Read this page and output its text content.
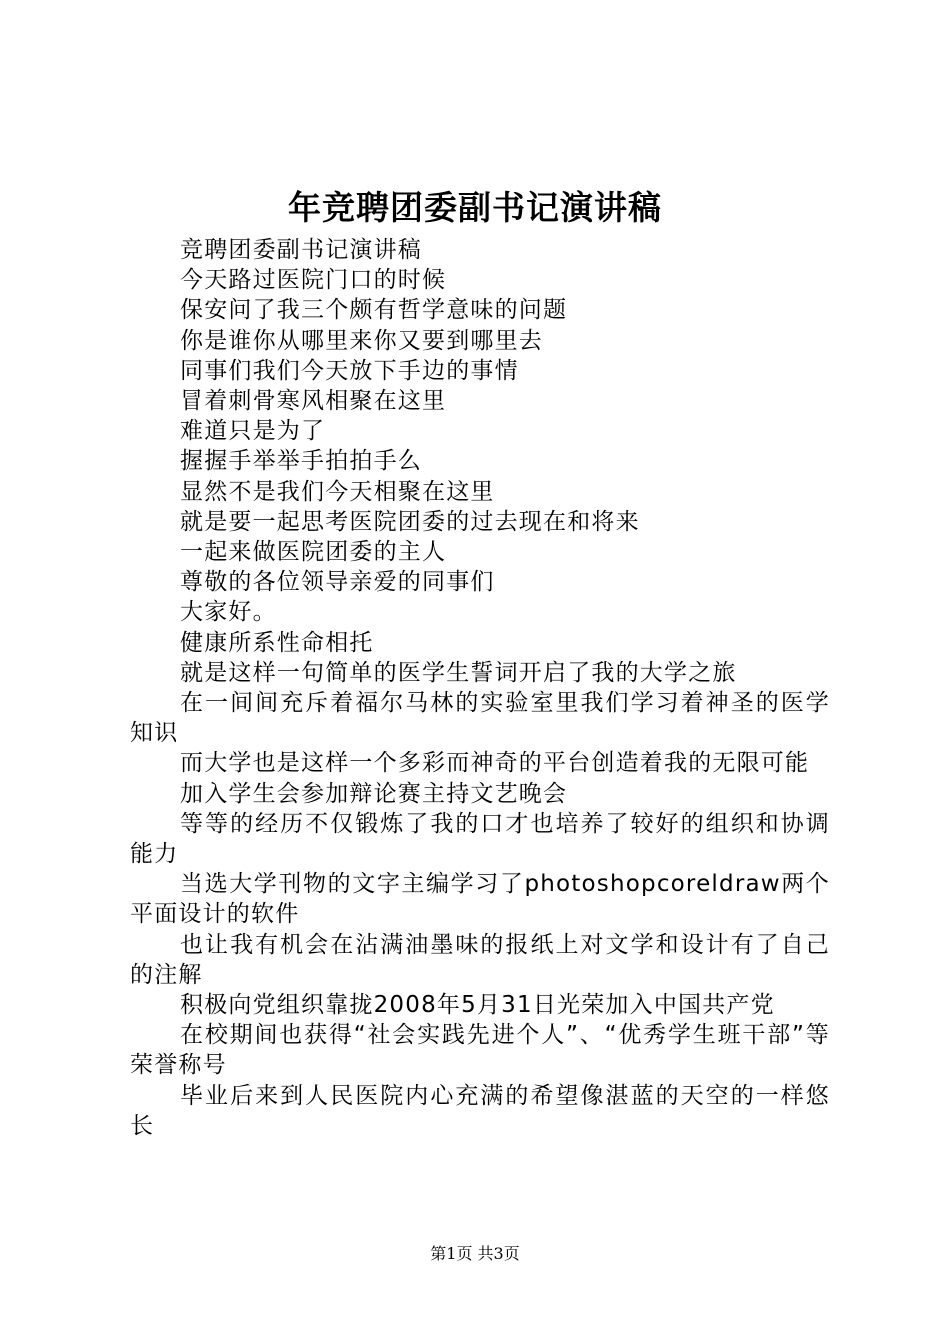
年竞聘团委副书记演讲稿

竞聘团委副书记演讲稿

今天路过医院门口的时候

保安问了我三个颇有哲学意味的问题

你是谁你从哪里来你又要到哪里去

同事们我们今天放下手边的事情

冒着刺骨寒风相聚在这里

难道只是为了

握握手举举手拍拍手么

显然不是我们今天相聚在这里

就是要一起思考医院团委的过去现在和将来

一起来做医院团委的主人

尊敬的各位领导亲爱的同事们

大家好。

健康所系性命相托

就是这样一句简单的医学生誓词开启了我的大学之旅

在一间间充斥着福尔马林的实验室里我们学习着神圣的医学知识

而大学也是这样一个多彩而神奇的平台创造着我的无限可能

加入学生会参加辩论赛主持文艺晚会

等等的经历不仅锻炼了我的口才也培养了较好的组织和协调能力

当选大学刊物的文字主编学习了photoshopcoreldraw两个平面设计的软件

也让我有机会在沾满油墨味的报纸上对文学和设计有了自己的注解

积极向党组织靠拢2008年5月31日光荣加入中国共产党

在校期间也获得“社会实践先进个人”、“优秀学生班干部”等荣誉称号

毕业后来到人民医院内心充满的希望像湛蓝的天空的一样悠长

第1页 共3页
